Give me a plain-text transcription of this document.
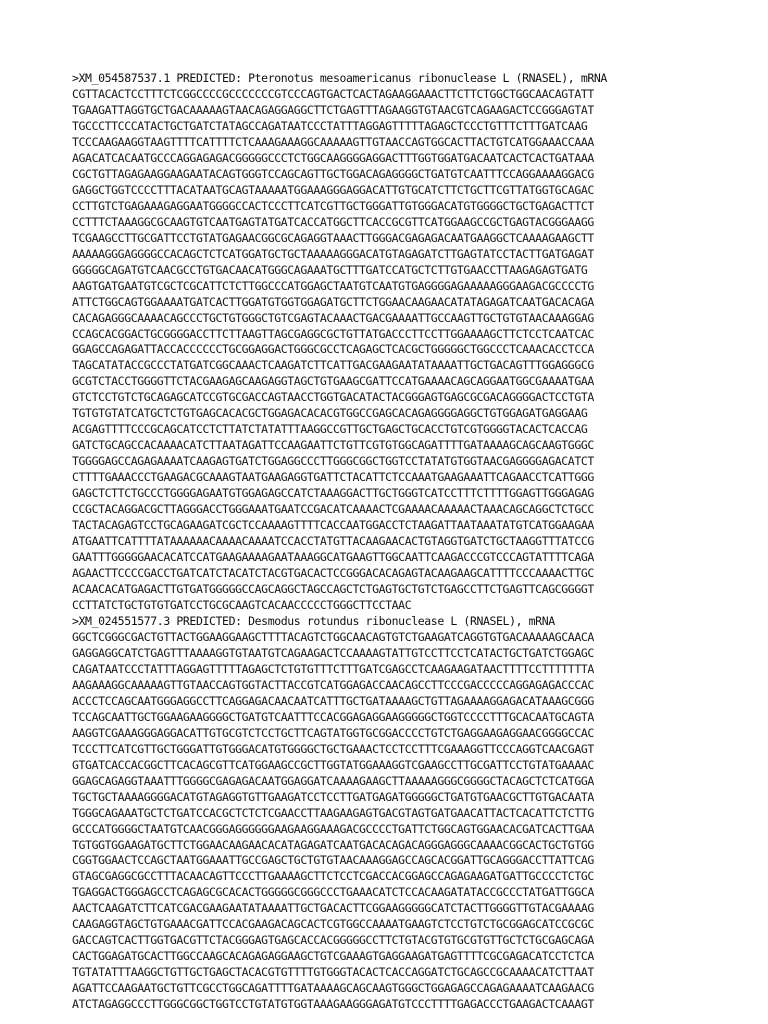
>XM_054587537.1 PREDICTED: Pteronotus mesoamericanus ribonuclease L (RNASEL), mRNA
CGTTACACTCCTTTCTCGGCCCCGCCCCCCCGTCCCAGTGACTCACTAGAAGGAAACTTCTTCTGGCTGGCAACAGTATT
TGAAGATTAGGTGCTGACAAAAAGTAACAGAGGAGGCTTCTGAGTTTAGAAGGTGTAACGTCAGAAGACTCCGGGAGTAT
TGCCCTTCCCATACTGCTGATCTATAGCCAGATAATCCCTATTTAGGAGTTTTTAGAGCTCCCTGTTTCTTTGATCAAG
TCCCAAGAAGGTAAGTTTTCATTTTCTCAAAGAAAGGCAAAAAGTTGTAACCAGTGGCACTTACTGTCATGGAAACCAAA
AGACATCACAATGCCCAGGAGAGACGGGGGCCCTCTGGCAAGGGGAGGACTTTGGTGGATGACAATCACTCACTGATAAA
CGCTGTTAGAGAAGGAAGAATACAGTGGGTCCAGCAGTTGCTGGACAGAGGGGCTGATGTCAATTTCCAGGAAAAGGACG
GAGGCTGGTCCCCTTTACATAATGCAGTAAAAATGGAAAGGGAGGACATTGTGCATCTTCTGCTTCGTTATGGTGCAGAC
CCTTGTCTGAGAAAGAGGAATGGGGCCACTCCCTTCATCGTTGCTGGGATTGTGGGACATGTGGGGCTGCTGAGACTTCT
CCTTTCTAAAGGCGCAAGTGTCAATGAGTATGATCACCATGGCTTCACCGCGTTCATGGAAGCCGCTGAGTACGGGAAGG
TCGAAGCCTTGCGATTCCTGTATGAGAACGGCGCAGAGGTAAACTTGGGACGAGAGACAATGAAGGCTCAAAAGAAGCTT
AAAAAGGGAGGGGCCACAGCTCTCATGGATGCTGCTAAAAAGGGACATGTAGAGATCTTGAGTATCCTACTTGATGAGAT
GGGGGCAGATGTCAACGCCTGTGACAACATGGGCAGAAATGCTTTGATCCATGCTCTTGTGAACCTTAAGAGAGTGATG
AAGTGATGAATGTCGCTCGCATTCTCTTGGCCCATGGAGCTAATGTCAATGTGAGGGGAGAAAAAGGGAAGACGCCCCTG
ATTCTGGCAGTGGAAAATGATCACTTGGATGTGGTGGAGATGCTTCTGGAACAAGAACATATAGAGATCAATGACACAGA
CACAGAGGGCAAAACAGCCCTGCTGTGGGCTGTCGAGTACAAACTGACGAAAATTGCCAAGTTGCTGTGTAACAAAGGAG
CCAGCACGGACTGCGGGGACCTTCTTAAGTTAGCGAGGCGCTGTTATGACCCTTCCTTGGAAAAGCTTCTCCTCAATCAC
GGAGCCAGAGATTACCACCCCCCTGCGGAGGACTGGGCGCCTCAGAGCTCACGCTGGGGGCTGGCCCTCAAACACCTCCA
TAGCATATACCGCCCTATGATCGGCAAACTCAAGATCTTCATTGACGAAGAATATAAAATTGCTGACAGTTTGGAGGGCG
GCGTCTACCTGGGGTTCTACGAAGAGCAAGAGGTAGCTGTGAAGCGATTCCATGAAAACAGCAGGAATGGCGAAAATGAA
GTCTCCTGTCTGCAGAGCATCCGTGCGACCAGTAACCTGGTGACATACTACGGGAGTGAGCGCGACAGGGGACTCCTGTA
TGTGTGTATCATGCTCTGTGAGCACACGCTGGAGACACACGTGGCCGAGCACAGAGGGGAGGCTGTGGAGATGAGGAAG
ACGAGTTTTCCCGCAGCATCCTCTTATCTATATTTAAGGCCGTTGCTGAGCTGCACCTGTCGTGGGGTACACTCACCAG
GATCTGCAGCCACAAAACATCTTAATAGATTCCAAGAATTCTGTTCGTGTGGCAGATTTTGATAAAAGCAGCAAGTGGGC
TGGGGAGCCAGAGAAAATCAAGAGTGATCTGGAGGCCCTTGGGCGGCTGGTCCTATATGTGGTAACGAGGGGAGACATCT
CTTTTGAAACCCTGAAGACGCAAAGTAATGAAGAGGTGATTCTACATTCTCCAAATGAAGAAATTCAGAACCTCATTGGG
GAGCTCTTCTGCCCTGGGGAGAATGTGGAGAGCCATCTAAAGGACTTGCTGGGTCATCCTTTCTTTTGGAGTTGGGAGAG
CCGCTACAGGACGCTTAGGGACCTGGGAAATGAATCCGACATCAAAACTCGAAAACAAAAACTAAACAGCAGGCTCTGCC
TACTACAGAGTCCTGCAGAAGATCGCTCCAAAAGTTTTCACCAATGGACCTCTAAGATTAATAAATATGTCATGGAAGAA
ATGAATTCATTTTATAAAAAACAAAACAAAATCCACCTATGTTACAAGAACACTGTAGGTGATCTGCTAAGGTTTATCCG
GAATTTGGGGGAACACATCCATGAAGAAAAGAATAAAGGCATGAAGTTGGCAATTCAAGACCCGTCCCAGTATTTTCAGA
AGAACTTCCCCGACCTGATCATCTACATCTACGTGACACTCCGGGACACAGAGTACAAGAAGCATTTTCCCAAAACTTGC
ACAACACATGAGACTTGTGATGGGGGCCAGCAGGCTAGCCAGCTCTGAGTGCTGTCTGAGCCTTCTGAGTTCAGCGGGGT
CCTTATCTGCTGTGTGATCCTGCGCAAGTCACAACCCCCTGGGCTTCCTAAC
>XM_024551577.3 PREDICTED: Desmodus rotundus ribonuclease L (RNASEL), mRNA
GGCTCGGGCGACTGTTACTGGAAGGAAGCTTTTACAGTCTGGCAACAGTGTCTGAAGATCAGGTGTGACAAAAAGCAACA
GAGGAGGCATCTGAGTTTAAAAGGTGTAATGTCAGAAGACTCCAAAAGTATTGTCCTTCCTCATACTGCTGATCTGGAGC
CAGATAATCCCTATTTAGGAGTTTTTAGAGCTCTGTGTTTCTTTGATCGAGCCTCAAGAAGATAACTTTTCCTTTTTTTA
AAGAAAGGCAAAAAGTTGTAACCAGTGGTACTTACCGTCATGGAGACCAACAGCCTTCCCGACCCCCAGGAGAGACCCAC
ACCCTCCAGCAATGGGAGGCCTTCAGGAGACAACAATCATTTGCTGATAAAAGCTGTTAGAAAAGGAGACATAAAGCGGG
TCCAGCAATTGCTGGAAGAAGGGGCTGATGTCAATTTCCACGGAGAGGAAGGGGGCTGGTCCCCTTTGCACAATGCAGTA
AAGGTCGAAAGGGAGGACATTGTGCGTCTCCTGCTTCAGTATGGTGCGGACCCCTGTCTGAGGAAGAGGAACGGGGCCAC
TCCCTTCATCGTTGCTGGGATTGTGGGACATGTGGGGCTGCTGAAACTCCTCCTTTCGAAAGGTTCCCAGGTCAACGAGT
GTGATCACCACGGCTTCACAGCGTTCATGGAAGCCGCTTGGTATGGAAAGGTCGAAGCCTTGCGATTCCTGTATGAAAAC
GGAGCAGAGGTAAATTTGGGGCGAGAGACAATGGAGGATCAAAAGAAGCTTAAAAAGGGCGGGGCTACAGCTCTCATGGA
TGCTGCTAAAAGGGGACATGTAGAGGTGTTGAAGATCCTCCTTGATGAGATGGGGGCTGATGTGAACGCTTGTGACAATA
TGGGCAGAAATGCTCTGATCCACGCTCTCTCGAACCTTAAGAAGAGTGACGTAGTGATGAACATTACTCACATTCTCTTG
GCCCATGGGGCTAATGTCAACGGGAGGGGGGAAGAAGGAAAGACGCCCCTGATTCTGGCAGTGGAACACGATCACTTGAA
TGTGGTGGAAGATGCTTCTGGAACAAGAACACATAGAGATCAATGACACAGACAGGGAGGGCAAAACGGCACTGCTGTGG
CGGTGGAACTCCAGCTAATGGAAATTGCCGAGCTGCTGTGTAACAAAGGAGCCAGCACGGATTGCAGGGACCTTATTCAG
GTAGCGAGGCGCCTTTACAACAGTTCCCTTGAAAAGCTTCTCCTCGACCACGGAGCCAGAGAAGATGATTGCCCCTCTGC
TGAGGACTGGGAGCCTCAGAGCGCACACTGGGGGCGGGCCCTGAAACATCTCCACAAGATATACCGCCCTATGATTGGCA
AACTCAAGATCTTCATCGACGAAGAATATAAAATTGCTGACACTTCGGAAGGGGGCATCTACTTGGGGTTGTACGAAAAG
CAAGAGGTAGCTGTGAAACGATTCCACGAAGACAGCACTCGTGGCCAAAATGAAGTCTCCTGTCTGCGGAGCATCCGCGC
GACCAGTCACTTGGTGACGTTCTACGGGAGTGAGCACCACGGGGGCCTTCTGTACGTGTGCGTGTTGCTCTGCGAGCAGA
CACTGGAGATGCACTTGGCCAAGCACAGAGAGGAAGCTGTCGAAAGTGAGGAAGATGAGTTTTCGCGAGACATCCTCTCA
TGTATATTTAAGGCTGTTGCTGAGCTACACGTGTTTTGTGGGTACACTCACCAGGATCTGCAGCCGCAAAACATCTTAAT
AGATTCCAAGAATGCTGTTCGCCTGGCAGATTTTGATAAAAGCAGCAAGTGGGCTGGAGAGCCAGAGAAAATCAAGAACG
ATCTAGAGGCCCTTGGGCGGCTGGTCCTGTATGTGGTAAAGAAGGGAGATGTCCCTTTTGAGACCCTGAAGACTCAAAGT
